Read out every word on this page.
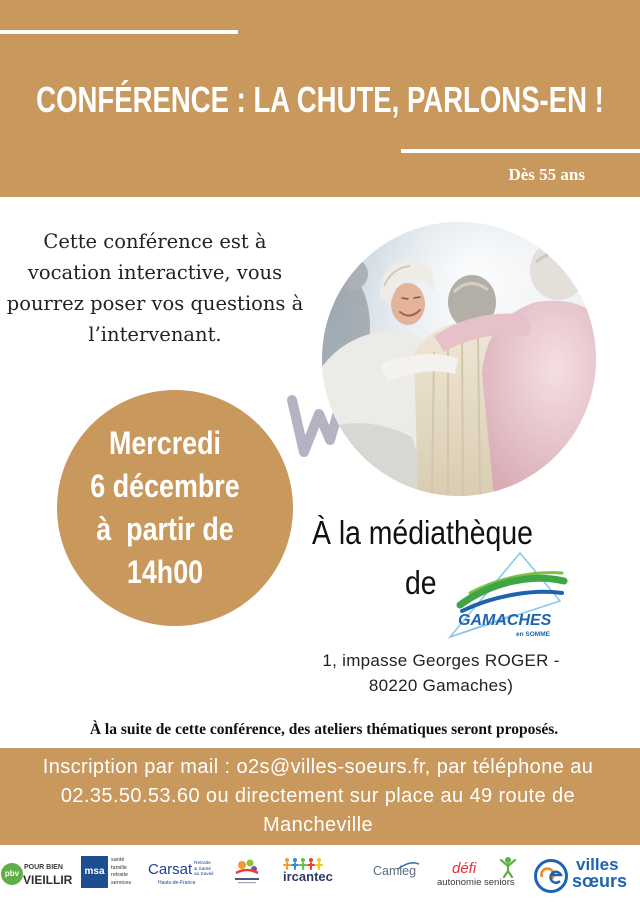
CONFÉRENCE : LA CHUTE, PARLONS-EN !
Dès 55 ans
Cette conférence est à
vocation interactive, vous
pourrez poser vos questions à
l’intervenant.
Mercredi
6 décembre
à  partir de
14h00
À la médiathèque
de
GAMACHES
en SOMME
1, impasse Georges ROGER -
80220 Gamaches)
À la suite de cette conférence, des ateliers thématiques seront proposés.
Inscription par mail : o2s@villes-soeurs.fr, par téléphone au
02.35.50.53.60 ou directement sur place au 49 route de
Mancheville
pbv
POUR BIEN
VIEILLIR
msa
santé
famille
retraite
services
Carsat Retraite
& Santé
au travail
Hauts-de-France	ircantec	Camieg défi
autonomie seniors
villes
sœurs
